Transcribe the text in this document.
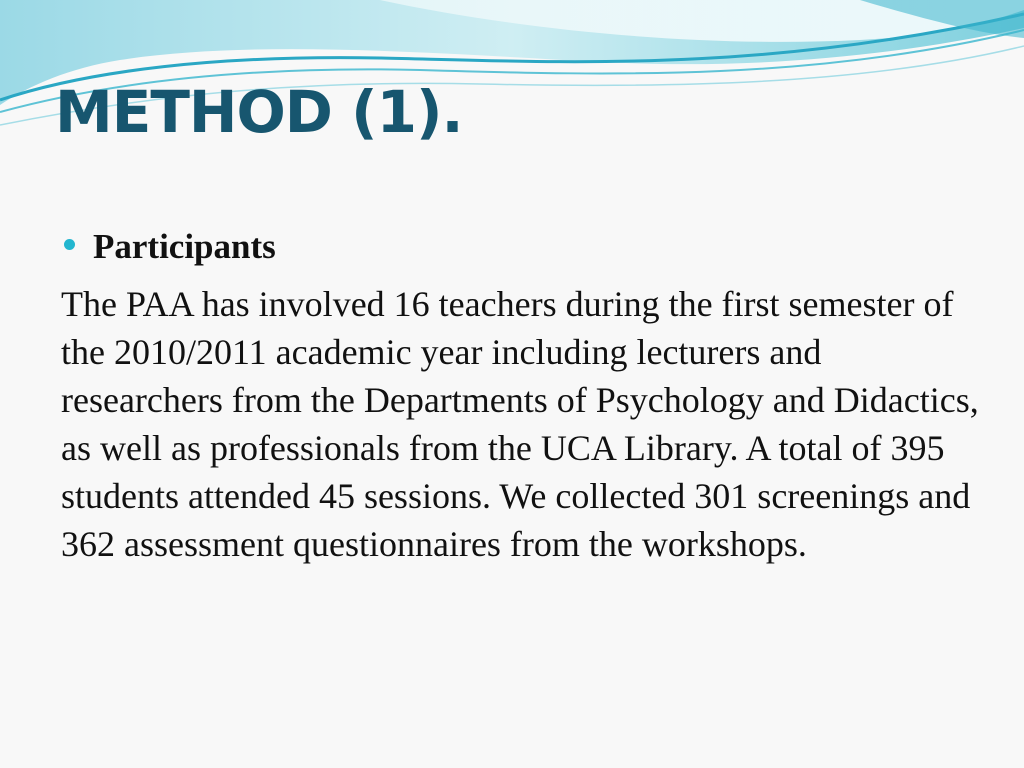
METHOD (1).
Participants

The PAA has involved 16 teachers during the first semester of the 2010/2011 academic year including lecturers and researchers from the Departments of Psychology and Didactics, as well as professionals from the UCA Library. A total of 395 students attended 45 sessions. We collected 301 screenings and 362 assessment questionnaires from the workshops.
